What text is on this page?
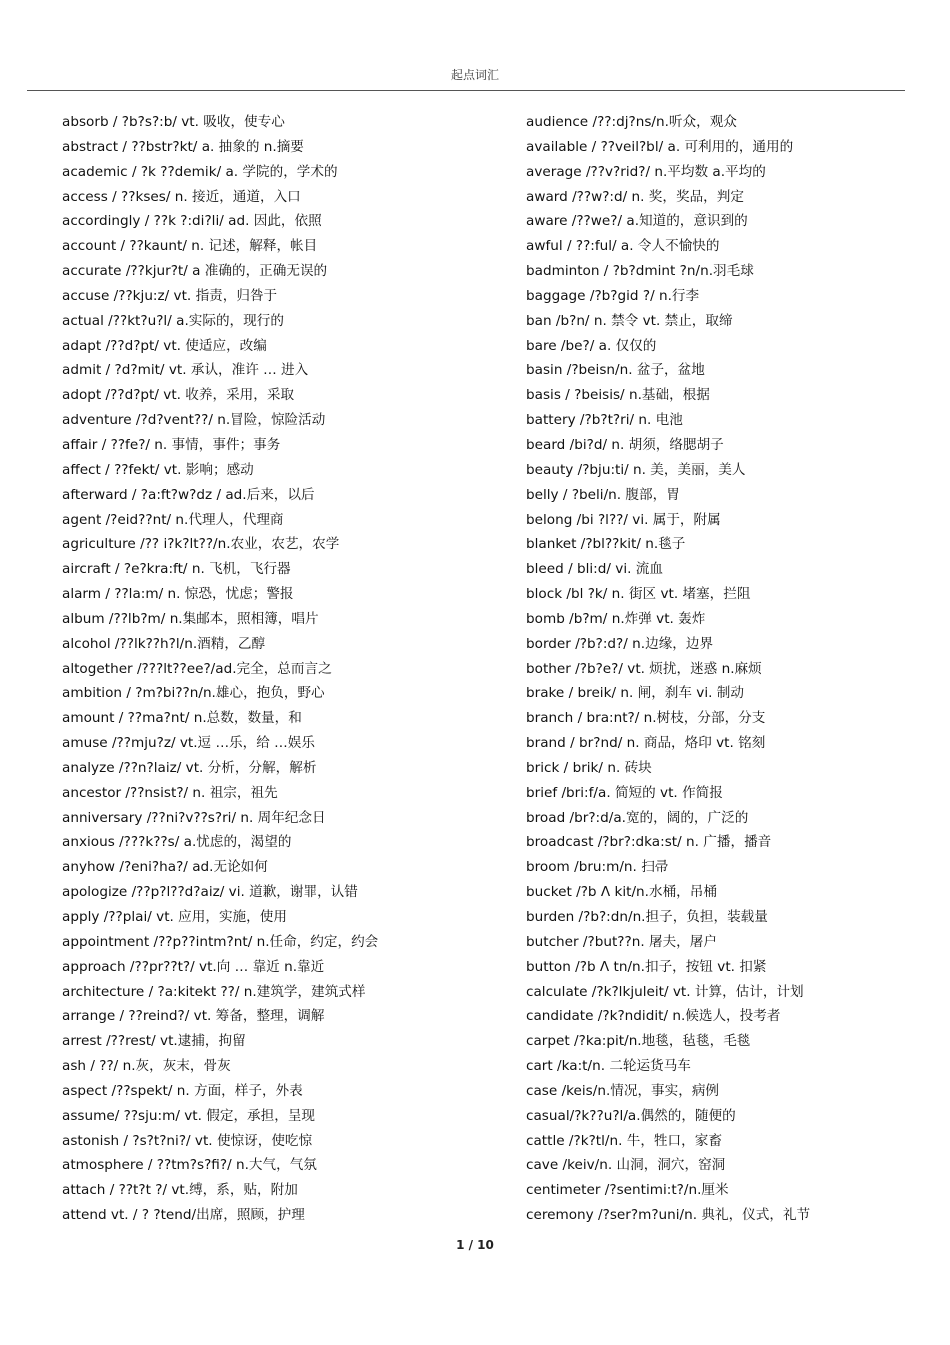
起点词汇
absorb / ?b?s?:b/ vt. 吸收，使专心
abstract / ??bstr?kt/ a. 抽象的 n.摘要
academic / ?k ??demik/ a. 学院的，学术的
access / ??kses/ n. 接近，通道，入口
accordingly / ??k ?:di?li/ ad. 因此，依照
account / ??kaunt/ n. 记述，解释，帐目
accurate /??kjur?t/ a 准确的，正确无误的
accuse /??kju:z/ vt. 指责，归咎于
actual /??kt?u?l/ a.实际的，现行的
adapt /??d?pt/ vt. 使适应，改编
admit / ?d?mit/ vt. 承认，准许 … 进入
adopt /??d?pt/ vt. 收养，采用，采取
adventure /?d?vent??/ n.冒险，惊险活动
affair / ??fe?/ n. 事情，事件；事务
affect / ??fekt/ vt. 影响；感动
afterward / ?a:ft?w?dz / ad.后来，以后
agent /?eid??nt/ n.代理人，代理商
agriculture /?? i?k?lt??/n.农业，农艺，农学
aircraft / ?e?kra:ft/ n. 飞机，飞行器
alarm / ??la:m/ n. 惊恐，忧虑；警报
album /??lb?m/ n.集邮本，照相簿，唱片
alcohol /??lk??h?l/n.酒精，乙醇
altogether /???lt??ee?/ad.完全，总而言之
ambition / ?m?bi??n/n.雄心，抱负，野心
amount / ??ma?nt/ n.总数，数量，和
amuse /??mju?z/ vt.逗 …乐，给 …娱乐
analyze /??n?laiz/ vt. 分析，分解，解析
ancestor /??nsist?/ n. 祖宗，祖先
anniversary /??ni?v??s?ri/ n. 周年纪念日
anxious /???k??s/ a.忧虑的，渴望的
anyhow /?eni?ha?/ ad.无论如何
apologize /??p?l??d?aiz/ vi. 道歉，谢罪，认错
apply /??plai/ vt. 应用，实施，使用
appointment /??p??intm?nt/ n.任命，约定，约会
approach /??pr??t?/ vt.向 … 靠近 n.靠近
architecture / ?a:kitekt ??/ n.建筑学，建筑式样
arrange / ??reind?/ vt. 筹备，整理，调解
arrest /??rest/ vt.逮捕，拘留
ash / ??/ n.灰，灰末，骨灰
aspect /??spekt/ n. 方面，样子，外表
assume/ ??sju:m/ vt. 假定，承担，呈现
astonish / ?s?t?ni?/ vt. 使惊讶，使吃惊
atmosphere / ??tm?s?fi?/ n.大气，气氛
attach / ??t?t ?/ vt.缚，系，贴，附加
attend vt. / ? ?tend/出席，照顾，护理
audience /??:dj?ns/n.听众，观众
available / ??veil?bl/ a. 可利用的，通用的
average /??v?rid?/ n.平均数 a.平均的
award /??w?:d/ n. 奖，奖品，判定
aware /??we?/ a.知道的，意识到的
awful / ??:ful/ a. 令人不愉快的
badminton / ?b?dmint ?n/n.羽毛球
baggage /?b?gid ?/ n.行李
ban /b?n/ n. 禁令 vt. 禁止，取缔
bare /be?/ a. 仅仅的
basin /?beisn/n. 盆子，盆地
basis / ?beisis/ n.基础，根据
battery /?b?t?ri/ n. 电池
beard /bi?d/ n. 胡须，络腮胡子
beauty /?bju:ti/ n. 美，美丽，美人
belly / ?beli/n. 腹部，胃
belong /bi ?l??/ vi. 属于，附属
blanket /?bl??kit/ n.毯子
bleed / bli:d/ vi. 流血
block /bl ?k/ n. 街区 vt. 堵塞，拦阻
bomb /b?m/ n.炸弹 vt. 轰炸
border /?b?:d?/ n.边缘，边界
bother /?b?e?/ vt. 烦扰，迷惑 n.麻烦
brake / breik/ n. 闸，刹车 vi. 制动
branch / bra:nt?/ n.树枝，分部，分支
brand / br?nd/ n. 商品，烙印 vt. 铭刻
brick / brik/ n. 砖块
brief /bri:f/a. 简短的 vt. 作简报
broad /br?:d/a.宽的，阔的，广泛的
broadcast /?br?:dka:st/ n. 广播，播音
broom /bru:m/n. 扫帚
bucket /?b Λ kit/n.水桶，吊桶
burden /?b?:dn/n.担子，负担，装载量
butcher /?but??n. 屠夫，屠户
button /?b Λ tn/n.扣子，按钮 vt. 扣紧
calculate /?k?lkjuleit/ vt. 计算，估计，计划
candidate /?k?ndidit/ n.候选人，投考者
carpet /?ka:pit/n.地毯，毡毯，毛毯
cart /ka:t/n. 二轮运货马车
case /keis/n.情况，事实，病例
casual/?k??u?l/a.偶然的，随便的
cattle /?k?tl/n. 牛，牲口，家畜
cave /keiv/n. 山洞，洞穴，窑洞
centimeter /?sentimi:t?/n.厘米
ceremony /?ser?m?uni/n. 典礼，仪式，礼节
1 / 10
